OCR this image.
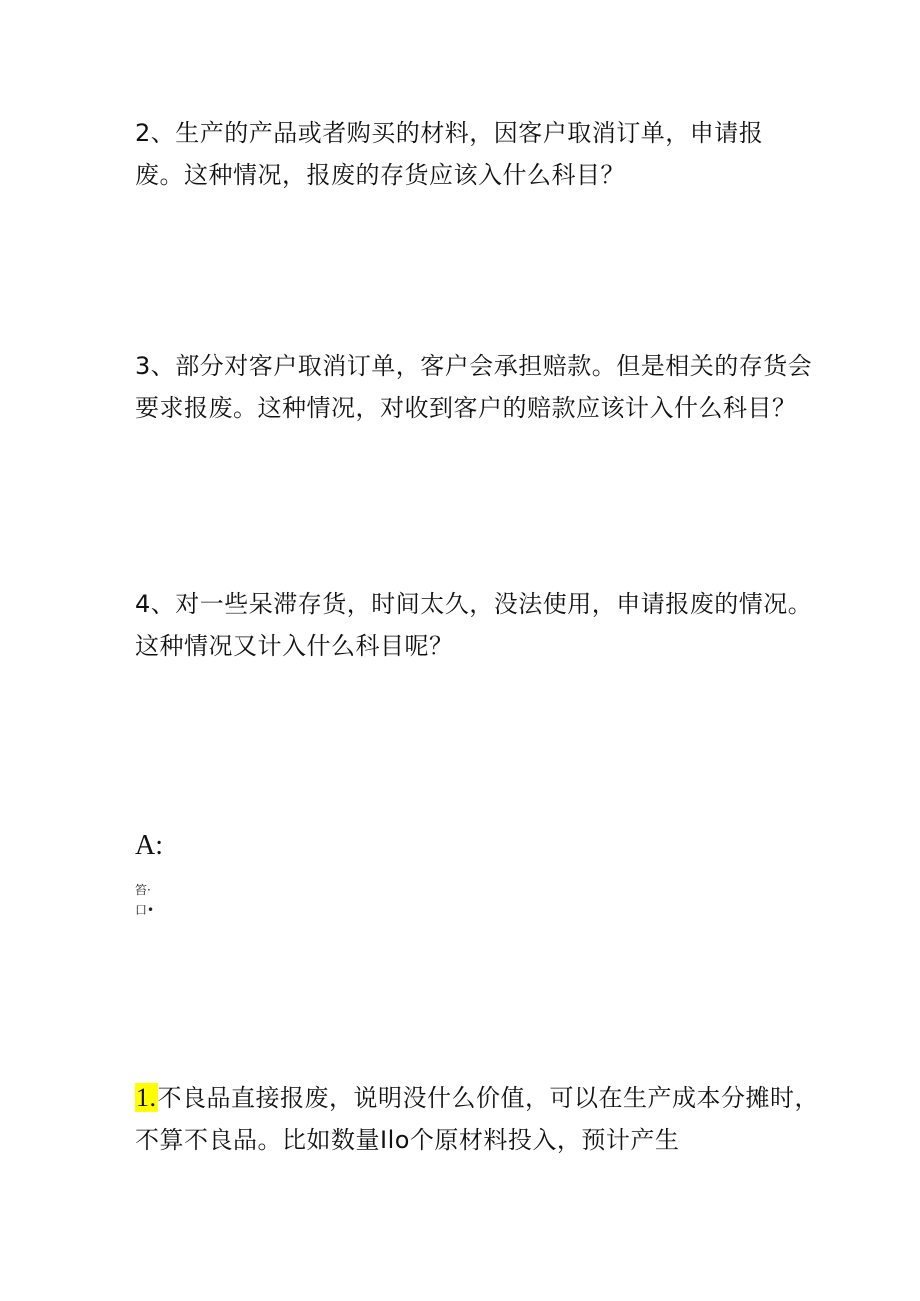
2、生产的产品或者购买的材料，因客户取消订单，申请报
废。这种情况，报废的存货应该入什么科目？
3、部分对客户取消订单，客户会承担赔款。但是相关的存货会
要求报废。这种情况，对收到客户的赔款应该计入什么科目？
4、对一些呆滞存货，时间太久，没法使用，申请报废的情况。
这种情况又计入什么科目呢？
A:
笞·
口•
1.不良品直接报废，说明没什么价值，可以在生产成本分摊时，
不算不良品。比如数量Ilo个原材料投入，预计产生
